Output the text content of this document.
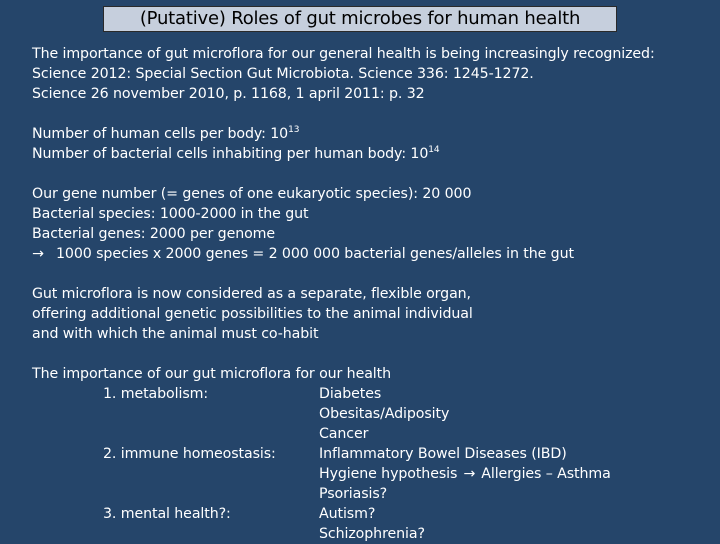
(Putative) Roles of gut microbes for human health
The importance of gut microflora for our general health is being increasingly recognized:
Science 2012: Special Section Gut Microbiota. Science 336: 1245-1272.
Science 26 november 2010, p. 1168, 1 april 2011: p. 32
Number of human cells per body: $10^{13}$
Number of bacterial cells inhabiting per human body: $10^{14}$
Our gene number (= genes of one eukaryotic species): 20 000
Bacterial species: 1000-2000 in the gut
Bacterial genes: 2000 per genome
→ 1000 species x 2000 genes = 2 000 000 bacterial genes/alleles in the gut
Gut microflora is now considered as a separate, flexible organ,
offering additional genetic possibilities to the animal individual
and with which the animal must co-habit
The importance of our gut microflora for our health
1. metabolism:	Diabetes
Obesitas/Adiposity
Cancer
2. immune homeostasis:	Inflammatory Bowel Diseases (IBD)
Hygiene hypothesis → Allergies – Asthma
Psoriasis?
3. mental health?:	Autism?
Schizophrenia?
